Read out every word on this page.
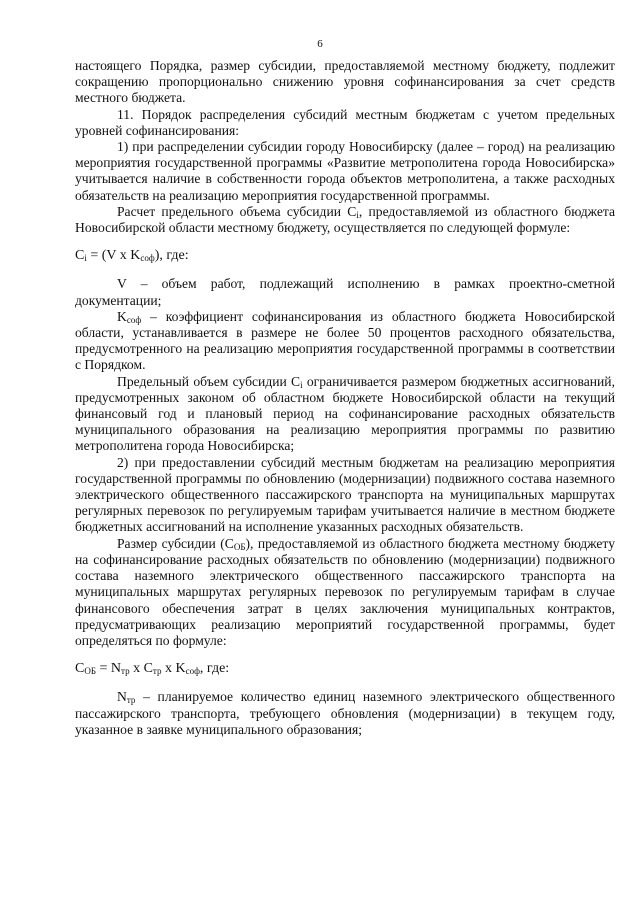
6

настоящего Порядка, размер субсидии, предоставляемой местному бюджету, подлежит сокращению пропорционально снижению уровня софинансирования за счет средств местного бюджета.

11. Порядок распределения субсидий местным бюджетам с учетом предельных уровней софинансирования:

1) при распределении субсидии городу Новосибирску (далее – город) на реализацию мероприятия государственной программы «Развитие метрополитена города Новосибирска» учитывается наличие в собственности города объектов метрополитена, а также расходных обязательств на реализацию мероприятия государственной программы.

Расчет предельного объема субсидии $C_i$, предоставляемой из областного бюджета Новосибирской области местному бюджету, осуществляется по следующей формуле:

$C_i = (V$ x $K_{соф}$), где:

V – объем работ, подлежащий исполнению в рамках проектно-сметной документации;

$K_{соф}$ – коэффициент софинансирования из областного бюджета Новосибирской области, устанавливается в размере не более 50 процентов расходного обязательства, предусмотренного на реализацию мероприятия государственной программы в соответствии с Порядком.

Предельный объем субсидии $C_i$ ограничивается размером бюджетных ассигнований, предусмотренных законом об областном бюджете Новосибирской области на текущий финансовый год и плановый период на софинансирование расходных обязательств муниципального образования на реализацию мероприятия программы по развитию метрополитена города Новосибирска;

2) при предоставлении субсидий местным бюджетам на реализацию мероприятия государственной программы по обновлению (модернизации) подвижного состава наземного электрического общественного пассажирского транспорта на муниципальных маршрутах регулярных перевозок по регулируемым тарифам учитывается наличие в местном бюджете бюджетных ассигнований на исполнение указанных расходных обязательств.

Размер субсидии $(С_{ОБ})$, предоставляемой из областного бюджета местному бюджету на софинансирование расходных обязательств по обновлению (модернизации) подвижного состава наземного электрического общественного пассажирского транспорта на муниципальных маршрутах регулярных перевозок по регулируемым тарифам в случае финансового обеспечения затрат в целях заключения муниципальных контрактов, предусматривающих реализацию мероприятий государственной программы, будет определяться по формуле:

$С_{ОБ} = N_{тр}$ x $С_{тр}$ x $K_{соф}$, где:

$N_{тр}$ – планируемое количество единиц наземного электрического общественного пассажирского транспорта, требующего обновления (модернизации) в текущем году, указанное в заявке муниципального образования;
